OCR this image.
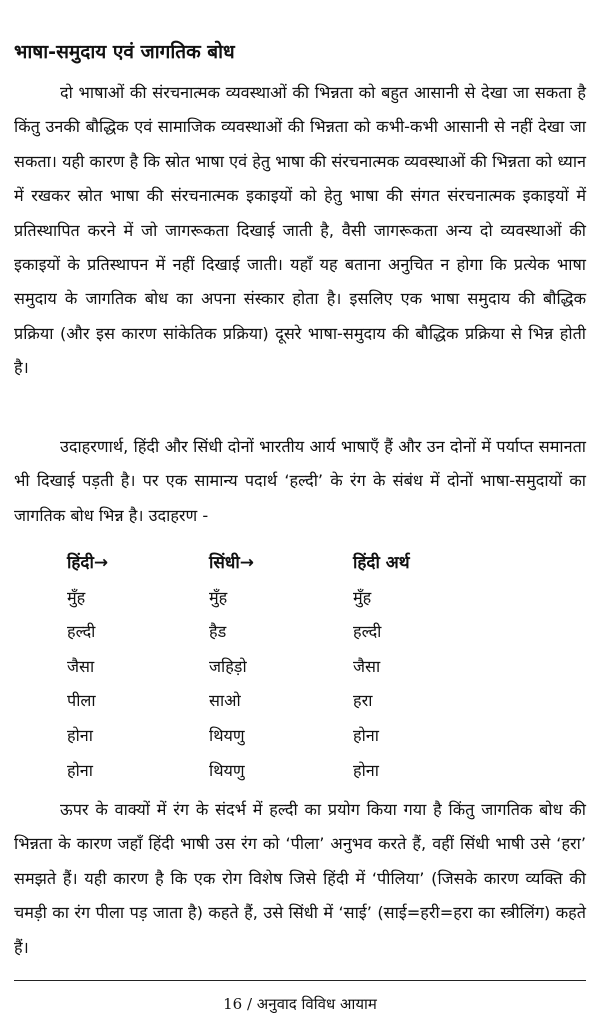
भाषा-समुदाय एवं जागतिक बोध

दो भाषाओं की संरचनात्मक व्यवस्थाओं की भिन्नता को बहुत आसानी से देखा जा सकता है किंतु उनकी बौद्धिक एवं सामाजिक व्यवस्थाओं की भिन्नता को कभी-कभी आसानी से नहीं देखा जा सकता। यही कारण है कि स्रोत भाषा एवं हेतु भाषा की संरचनात्मक व्यवस्थाओं की भिन्नता को ध्यान में रखकर स्रोत भाषा की संरचनात्मक इकाइयों को हेतु भाषा की संगत संरचनात्मक इकाइयों में प्रतिस्थापित करने में जो जागरूकता दिखाई जाती है, वैसी जागरूकता अन्य दो व्यवस्थाओं की इकाइयों के प्रतिस्थापन में नहीं दिखाई जाती। यहाँ यह बताना अनुचित न होगा कि प्रत्येक भाषा समुदाय के जागतिक बोध का अपना संस्कार होता है। इसलिए एक भाषा समुदाय की बौद्धिक प्रक्रिया (और इस कारण सांकेतिक प्रक्रिया) दूसरे भाषा-समुदाय की बौद्धिक प्रक्रिया से भिन्न होती है।

उदाहरणार्थ, हिंदी और सिंधी दोनों भारतीय आर्य भाषाएँ हैं और उन दोनों में पर्याप्त समानता भी दिखाई पड़ती है। पर एक सामान्य पदार्थ ‘हल्दी’ के रंग के संबंध में दोनों भाषा-समुदायों का जागतिक बोध भिन्न है। उदाहरण -

हिंदी→	सिंधी→	हिंदी अर्थ
मुँह	मुँह	मुँह
हल्दी	हैड	हल्दी
जैसा	जहिड़ो	जैसा
पीला	साओ	हरा
होना	थियणु	होना
होना	थियणु	होना

ऊपर के वाक्यों में रंग के संदर्भ में हल्दी का प्रयोग किया गया है किंतु जागतिक बोध की भिन्नता के कारण जहाँ हिंदी भाषी उस रंग को ‘पीला’ अनुभव करते हैं, वहीं सिंधी भाषी उसे ‘हरा’ समझते हैं। यही कारण है कि एक रोग विशेष जिसे हिंदी में ‘पीलिया’ (जिसके कारण व्यक्ति की चमड़ी का रंग पीला पड़ जाता है) कहते हैं, उसे सिंधी में ‘साई’ (साई=हरी=हरा का स्त्रीलिंग) कहते हैं।

16 / अनुवाद विविध आयाम
